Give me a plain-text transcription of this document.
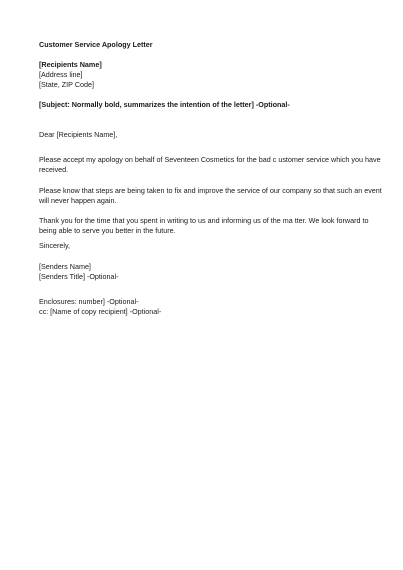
Customer Service Apology Letter
[Recipients Name]
[Address line]
[State, ZIP Code]
[Subject: Normally bold, summarizes the intention of the letter] -Optional-
Dear [Recipients Name],
Please accept my apology on behalf of Seventeen Cosmetics for the bad c ustomer service which you have
received.
Please know that steps are being taken to fix and improve the service of our company so that such an event
will never happen again.
Thank you for the time that you spent in writing to us and informing us of the ma tter. We look forward to
being able to serve you better in the future.
Sincerely,
[Senders Name]
[Senders Title] -Optional-
Enclosures: number] -Optional-
cc: [Name of copy recipient] -Optional-
